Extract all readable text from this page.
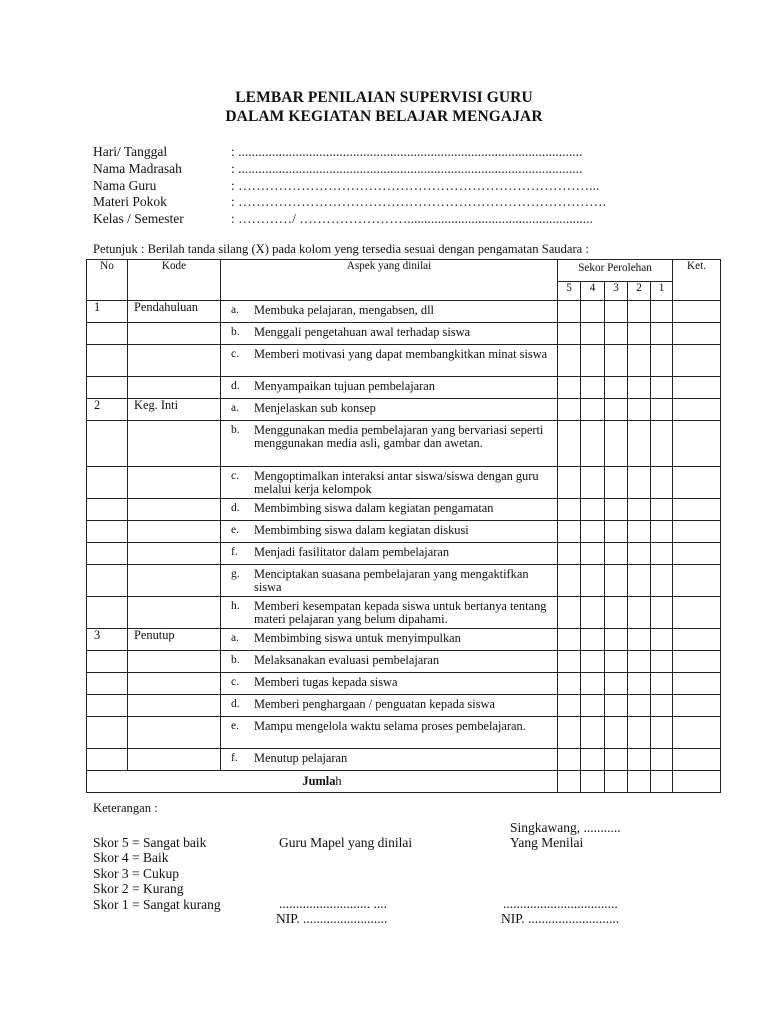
LEMBAR PENILAIAN SUPERVISI GURU
DALAM KEGIATAN BELAJAR MENGAJAR
Hari/ Tanggal	: ......................................................................................................
Nama Madrasah	: ......................................................................................................
Nama Guru	: ……………………………………………………………………...
Materi Pokok	: ……………………………………………………………………….
Kelas / Semester	: …………/ …………………….......................................................
Petunjuk : Berilah tanda silang (X) pada kolom yeng tersedia sesuai dengan pengamatan Saudara :
No	Kode	Aspek yang dinilai	Sekor Perolehan					Ket.
			5	4	3	2	1	
1	Pendahuluan	a. Membuka pelajaran, mengabsen, dll						

		b. Menggali pengetahuan awal terhadap siswa						

		c. Memberi motivasi yang dapat membangkitkan minat siswa						

		d. Menyampaikan tujuan pembelajaran						

2	Keg. Inti	a. Menjelaskan sub konsep						

		b. Menggunakan media pembelajaran yang bervariasi seperti menggunakan media asli, gambar dan awetan.						

		c. Mengoptimalkan interaksi antar siswa/siswa dengan guru melalui kerja kelompok						

		d. Membimbing siswa dalam kegiatan pengamatan						

		e. Membimbing siswa dalam kegiatan diskusi						

		f. Menjadi fasilitator dalam pembelajaran						

		g. Menciptakan suasana pembelajaran yang mengaktifkan siswa						

		h. Memberi kesempatan kepada siswa untuk bertanya tentang materi pelajaran yang belum dipahami.						

3	Penutup	a. Membimbing siswa untuk menyimpulkan						

		b. Melaksanakan evaluasi pembelajaran						

		c. Memberi tugas kepada siswa						

		d. Memberi penghargaan / penguatan kepada siswa						

		e. Mampu mengelola waktu selama proses pembelajaran.						

		f. Menutup pelajaran						

Jumlah								
Keterangan :
Skor 5 = Sangat baik
Skor 4 = Baik
Skor 3 = Cukup
Skor 2 = Kurang
Skor 1 = Sangat kurang
Singkawang, ...........
Guru Mapel yang dinilai	Yang Menilai
........................... ....	..................................
NIP. .........................	NIP. ...........................
